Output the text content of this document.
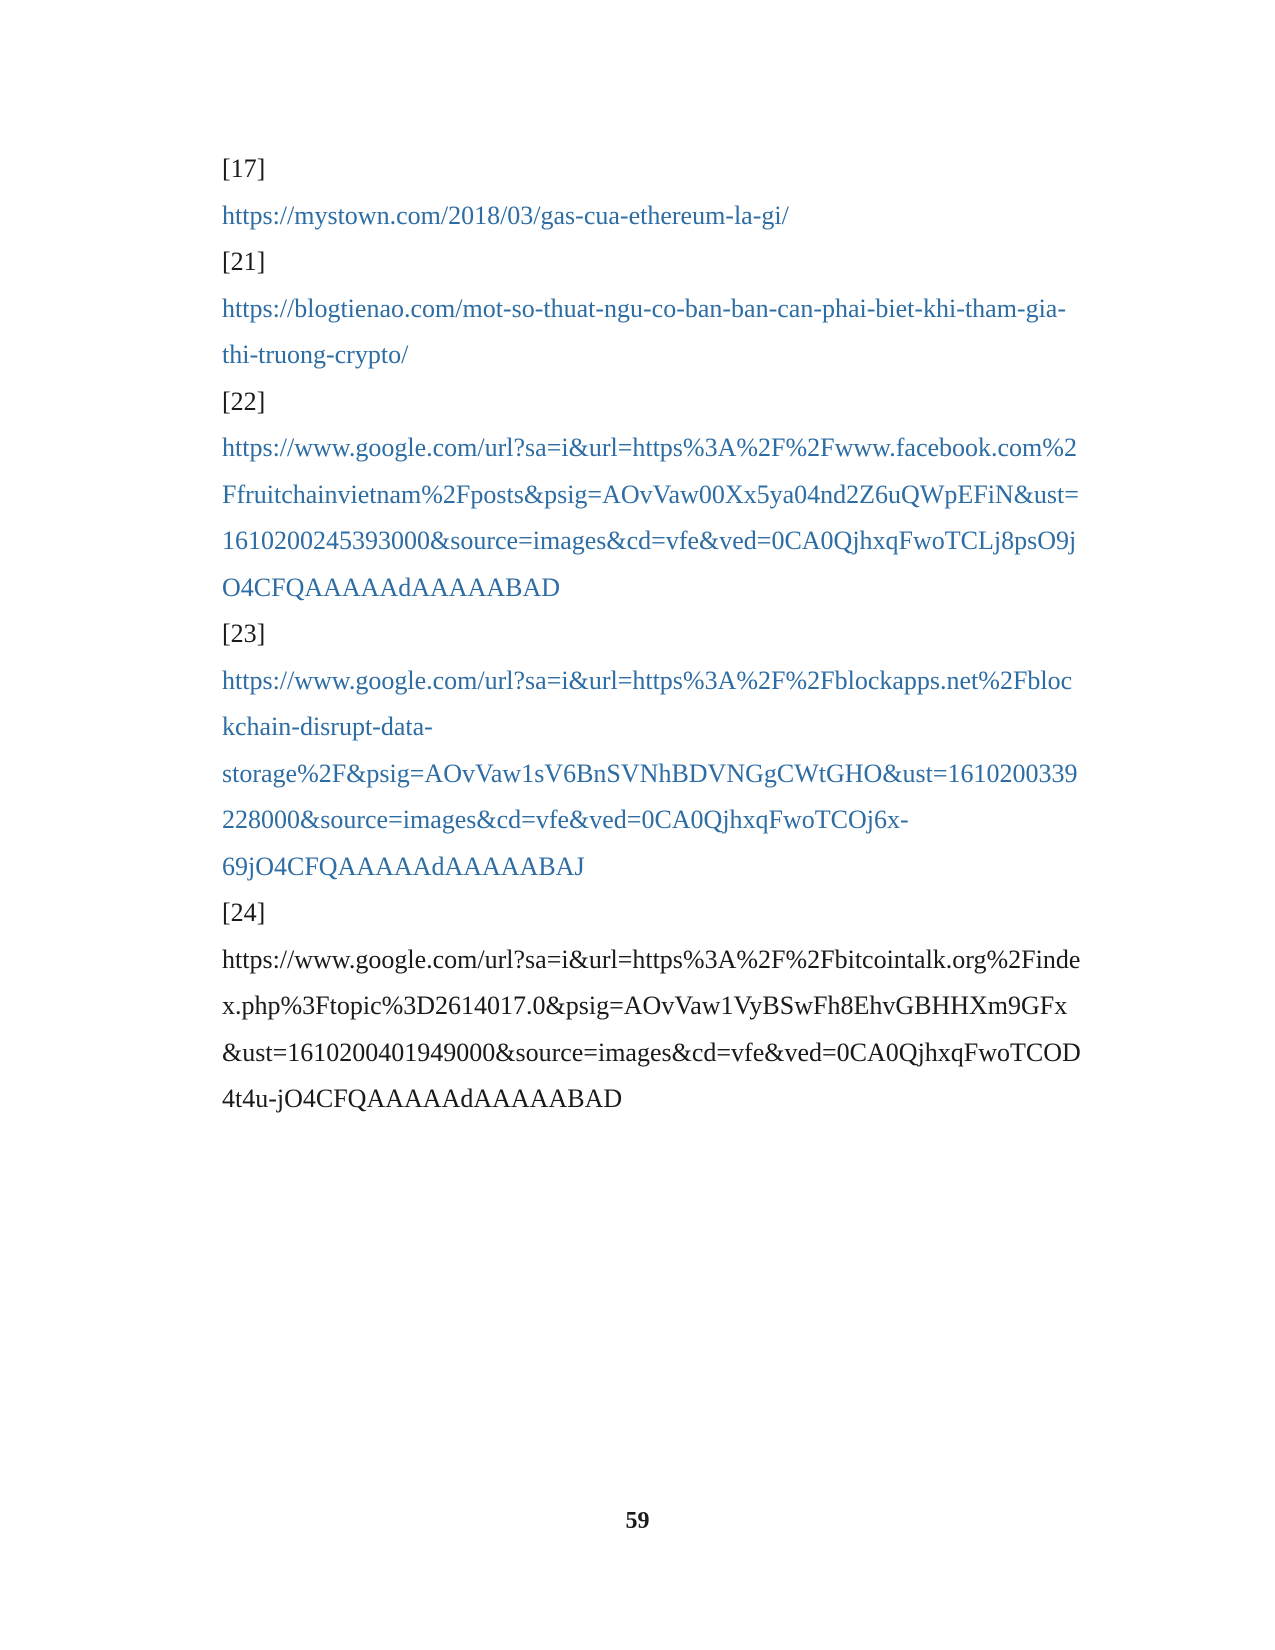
[17]
https://mystown.com/2018/03/gas-cua-ethereum-la-gi/
[21]
https://blogtienao.com/mot-so-thuat-ngu-co-ban-ban-can-phai-biet-khi-tham-gia-
thi-truong-crypto/
[22]
https://www.google.com/url?sa=i&url=https%3A%2F%2Fwww.facebook.com%2
Ffruitchainvietnam%2Fposts&psig=AOvVaw00Xx5ya04nd2Z6uQWpEFiN&ust=
1610200245393000&source=images&cd=vfe&ved=0CA0QjhxqFwoTCLj8psO9j
O4CFQAAAAAdAAAAABAD
[23]
https://www.google.com/url?sa=i&url=https%3A%2F%2Fblockapps.net%2Fbloc
kchain-disrupt-data-
storage%2F&psig=AOvVaw1sV6BnSVNhBDVNGgCWtGHO&ust=1610200339
228000&source=images&cd=vfe&ved=0CA0QjhxqFwoTCOj6x-
69jO4CFQAAAAAdAAAAABAJ
[24]
https://www.google.com/url?sa=i&url=https%3A%2F%2Fbitcointalk.org%2Finde
x.php%3Ftopic%3D2614017.0&psig=AOvVaw1VyBSwFh8EhvGBHHXm9GFx
&ust=1610200401949000&source=images&cd=vfe&ved=0CA0QjhxqFwoTCOD
4t4u-jO4CFQAAAAAdAAAAABAD
59
